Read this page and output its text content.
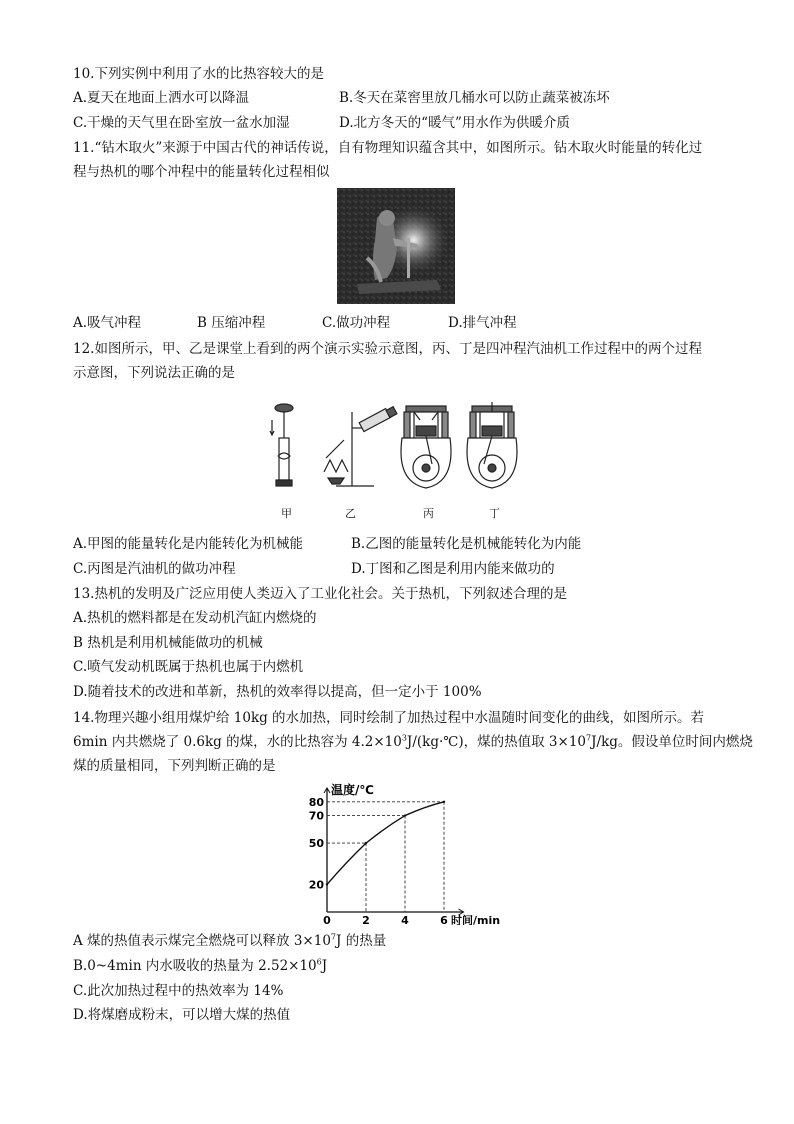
10.下列实例中利用了水的比热容较大的是
A.夏天在地面上洒水可以降温	B.冬天在菜窖里放几桶水可以防止蔬菜被冻坏
C.干燥的天气里在卧室放一盆水加湿	D.北方冬天的“暖气”用水作为供暖介质
11.“钻木取火”来源于中国古代的神话传说，自有物理知识蕴含其中，如图所示。钻木取火时能量的转化过
程与热机的哪个冲程中的能量转化过程相似
A.吸气冲程	B 压缩冲程	C.做功冲程	D.排气冲程
12.如图所示，甲、乙是课堂上看到的两个演示实验示意图，丙、丁是四冲程汽油机工作过程中的两个过程
示意图，下列说法正确的是
甲	乙	丙	丁
A.甲图的能量转化是内能转化为机械能	B.乙图的能量转化是机械能转化为内能
C.丙图是汽油机的做功冲程	D.丁图和乙图是利用内能来做功的
13.热机的发明及广泛应用使人类迈入了工业化社会。关于热机，下列叙述合理的是
A.热机的燃料都是在发动机汽缸内燃烧的
B 热机是利用机械能做功的机械
C.喷气发动机既属于热机也属于内燃机
D.随着技术的改进和革新，热机的效率得以提高，但一定小于 100%
14.物理兴趣小组用煤炉给 10kg 的水加热，同时绘制了加热过程中水温随时间变化的曲线，如图所示。若
6min 内共燃烧了 0.6kg 的煤，水的比热容为 $4.2\times 10^3J/(kg\cdot℃)$，煤的热值取 $3\times 10^7J/kg$。假设单位时间内燃烧
煤的质量相同，下列判断正确的是
温度/℃
时间/min
0	2	4	6
20
50
70
80
A 煤的热值表示煤完全燃烧可以释放 $3\times 10^7J$ 的热量
B.0~4min 内水吸收的热量为 $2.52\times 10^6J$
C.此次加热过程中的热效率为 14%
D.将煤磨成粉末，可以增大煤的热值
